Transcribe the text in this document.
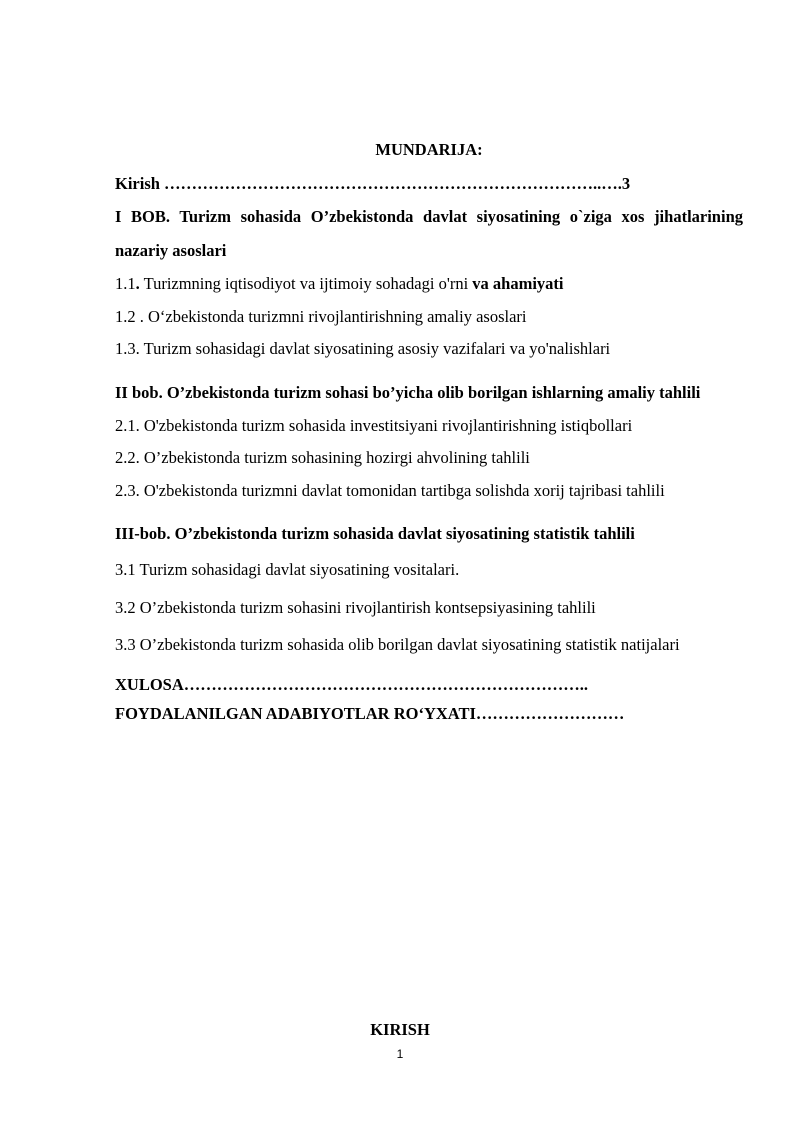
MUNDARIJA:

Kirish ……………………………………………………………………..….3

I BOB. Turizm sohasida O’zbekistonda davlat siyosatining o`ziga xos jihatlarining nazariy asoslari

1.1. Turizmning iqtisodiyot va ijtimoiy sohadagi o'rni va ahamiyati

1.2 . O‘zbekistonda turizmni rivojlantirishning amaliy asoslari

1.3. Turizm sohasidagi davlat siyosatining asosiy vazifalari va yo'nalishlari

II bob. O’zbekistonda turizm sohasi bo’yicha olib borilgan ishlarning amaliy tahlili

2.1. O'zbekistonda turizm sohasida investitsiyani rivojlantirishning istiqbollari

2.2. O’zbekistonda turizm sohasining hozirgi ahvolining tahlili

2.3. O'zbekistonda turizmni davlat tomonidan tartibga solishda xorij tajribasi tahlili

III-bob. O’zbekistonda turizm sohasida davlat siyosatining statistik tahlili

3.1 Turizm sohasidagi davlat siyosatining vositalari.

3.2 O’zbekistonda turizm sohasini rivojlantirish kontsepsiyasining tahlili

3.3 O’zbekistonda turizm sohasida olib borilgan davlat siyosatining statistik natijalari

XULOSA………………………………………………………………..

FOYDALANILGAN ADABIYOTLAR RO‘YXATI………………………

KIRISH
1
